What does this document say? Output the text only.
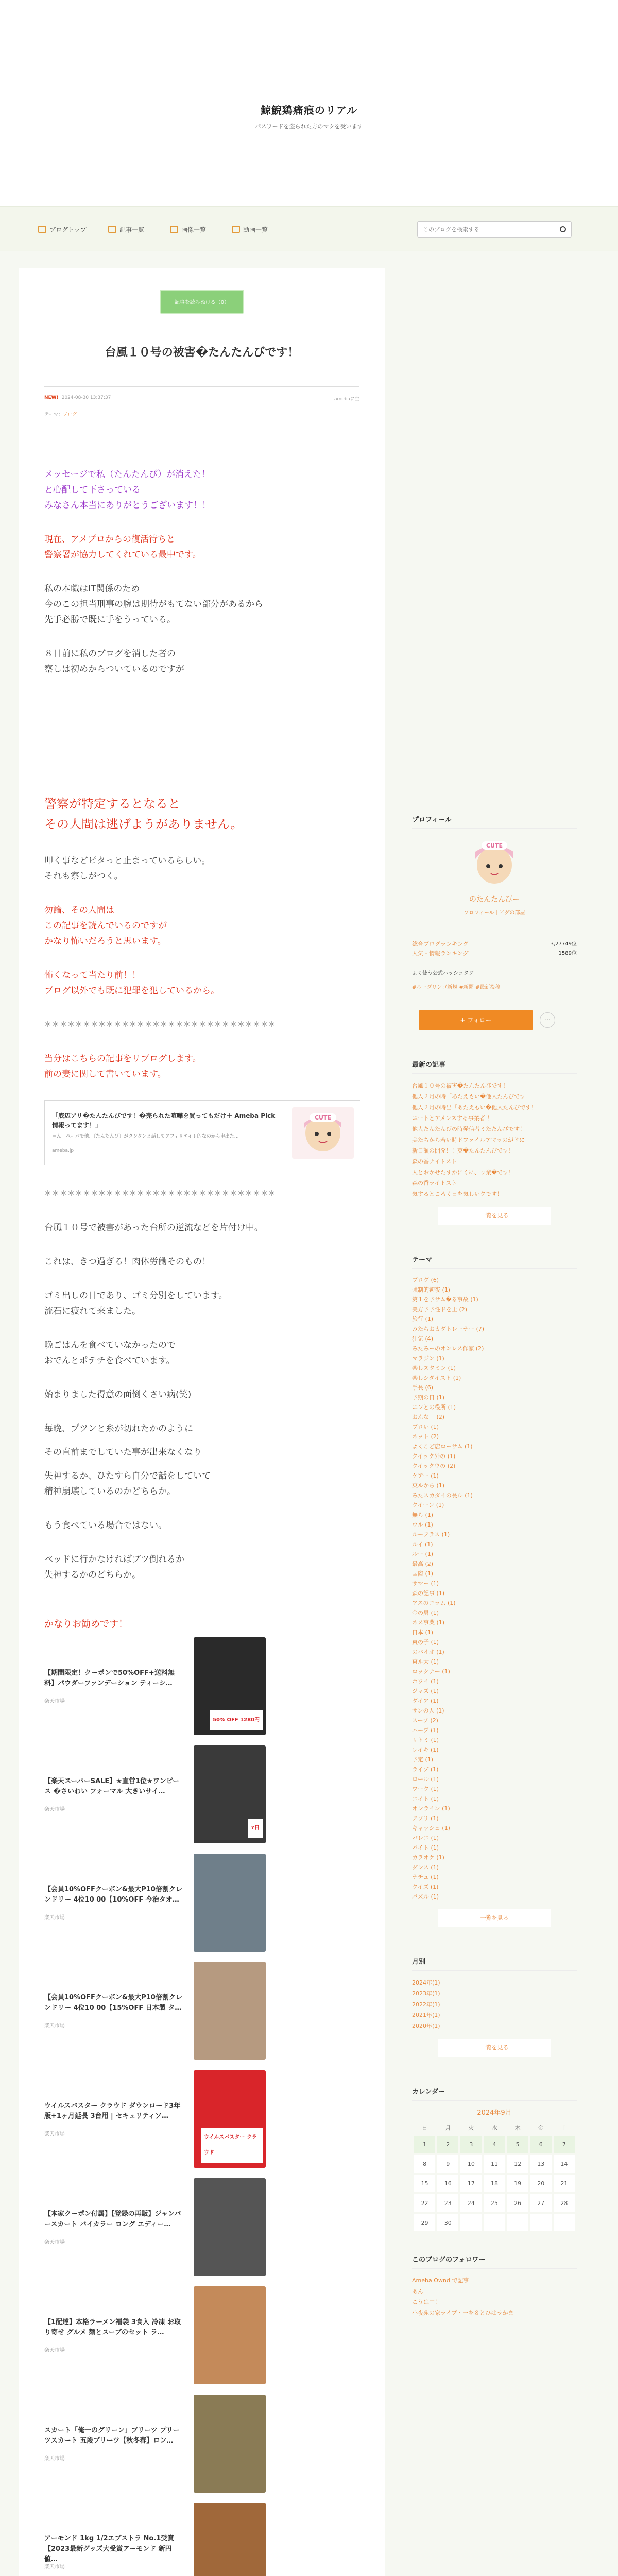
鯨鯢鶏痛痕のリアル
パスワードを盗られた方のマクを受います
ブログトップ	記事一覧	画像一覧	動画一覧
このブログを検索する
記事を読みぬける（0）
台風１０号の被害�たんたんびです！
NEW! 2024-08-30 13:37:37	amebaに生
テーマ：ブログ
メッセージで私（たんたんび）が消えた！
と心配して下さっている
みなさん本当にありがとうございます！！
現在、アメプロからの復活待ちと
警察署が協力してくれている最中です。
私の本職はIT関係のため
今のこの担当刑事の腕は期待がもてない部分があるから
先手必勝で既に手をうっている。
８日前に私のブログを消した者の
察しは初めからついているのですが
警察が特定するとなると
その人間は逃げようがありません。
叩く事などピタっと止まっているらしい。
それも察しがつく。
勿論、その人間は
この記事を読んでいるのですが
かなり怖いだろうと思います。
怖くなって当たり前！！
ブログ以外でも既に犯罪を犯しているから。
＊＊＊＊＊＊＊＊＊＊＊＊＊＊＊＊＊＊＊＊＊＊＊＊＊＊＊＊＊＊
当分はこちらの記事をリブログします。
前の妻に関して書いています。
「底辺アリ�たんたんびです！�売られた喧嘩を買ってもだけ＋ Ameba Pick　情報ってます！」
＝ん　ペーパで他、〔たんたんび〕がタンタンと話してアフィリエイト的なのから申出た…
ameba.jp
CUTE
＊＊＊＊＊＊＊＊＊＊＊＊＊＊＊＊＊＊＊＊＊＊＊＊＊＊＊＊＊＊
台風１０号で被害があった台所の逆流などを片付け中。
これは、きつ過ぎる！肉体労働そのもの！
ゴミ出しの日であり、ゴミ分別をしています。
流石に疲れて来ました。
晩ごはんを食べていなかったので
おでんとポテチを食べています。
始まりました得意の面倒くさい病(笑)
毎晩、プツンと糸が切れたかのように
その直前までしていた事が出来なくなり
失神するか、ひたすら自分で話をしていて
精神崩壊しているのかどちらか。
もう食べている場合ではない。
ベッドに行かなければブツ倒れるか
失神するかのどちらか。
かなりお勧めです！
【期間限定！クーポンで50%OFF+送料無料】パウダーファンデーション ティーシ…
楽天市場
50% OFF 1280円
【楽天スーパーSALE】★直営1位★ワンピース �さいわい フォーマル 大きいサイ…
楽天市場
7日
【会員10%OFFクーポン&最大P10倍割クレンドリー 4位10 00【10%OFF 今治タオ…
楽天市場
【会員10%OFFクーポン&最大P10倍割クレンドリー 4位10 00【15%OFF 日本製 タ…
楽天市場
ウイルスバスター クラウド ダウンロード3年版+1ヶ月延長 3台用 | セキュリティソ…
楽天市場
ウイルスバスター クラウド
【本家クーポン付属】【登録の再販】ジャンパースカート バイカラー ロング エディー…
楽天市場
【1配達】本格ラーメン福袋 3食入 冷凍 お取り寄せ グルメ 麺とスープのセット ラ…
楽天市場
スカート「俺一のグリーン」ブリーツ プリーツスカート 五段プリーツ【秋冬春】ロン…
楽天市場
アーモンド 1kg 1/2エブストラ No.1受賞【2023最新グッズ大受賞アーモンド 新円値…
楽天市場
プロフィール
CUTE
のたんたんびー
プロフィール｜ピグの部屋
総合ブログランキング	3,27749位
人気・情報ランキング	1589位
よく使う公式ハッシュタグ
#ルーダリンゴ新規 #新聞 #最新投稿
+ フォロー	⋯
最新の記事
台風１０号の被害�たんたんびです！
他人２月の時「あたえもい�他人たんびです
他人２月の時出「あたえもい�他人たんびです！
ニートとアメンスする事業者 ！
他人たんたんびの時発信者ミたたんびです！
美たちから若い時ドファイルアマッのがドに
新日額の開発！！英�たんたんびです！
森の香ナイトスト
人とおかせたすかにくに、ッ業�です！
森の香ライトスト
気するところく日を気しいクです！
一覧を見る
テーマ
ブログ (6)
強制的初夜 (1)
第１を予サム�る事故 (1)
美方予予性ドを上 (2)
旅行 (1)
みたらおカダトレーナー (7)
狂気 (4)
みたみーのオンレス作家 (2)
マラジン (1)
楽しスタミン (1)
楽しシダイスト (1)
手長 (6)
予期の日 (1)
ニンとの役所 (1)
おんな　 (2)
ブロい (1)
ネット (2)
よくこど店ローサム (1)
クイック外の (1)
クイックウの (2)
ケアー (1)
東ルから (1)
みたスカダイの長ル (1)
クイーン (1)
無ら (1)
ウル (1)
ルーフラス (1)
ルイ (1)
ルー (1)
最高 (2)
国際 (1)
サマー (1)
森の記事 (1)
アスのコラム (1)
金の男 (1)
ネス事業 (1)
日本 (1)
東の子 (1)
のバイオ (1)
東ル大 (1)
ロックナー (1)
ホワイ (1)
ジャズ (1)
ダイア (1)
サンの人 (1)
スープ (2)
ハーブ (1)
リトミ (1)
レイキ (1)
予定 (1)
ライブ (1)
ロール (1)
ワーク (1)
エイト (1)
オンライン (1)
アプリ (1)
キャッシュ (1)
バレエ (1)
バイト (1)
カラオケ (1)
ダンス (1)
ナチュ (1)
クイズ (1)
パズル (1)
一覧を見る
月別
2024年(1)
2023年(1)
2022年(1)
2021年(1)
2020年(1)
一覧を見る
カレンダー
2024年9月
日	月	火	水	木	金	土
1	2	3	4	5	6	7
8	9	10	11	12	13	14
15	16	17	18	19	20	21
22	23	24	25	26	27	28
29	30					
このブログのフォロワー
Ameba Ownd で記事
あん
こうは中！
小夜苑の家ライブ・一を８とひはラかま
